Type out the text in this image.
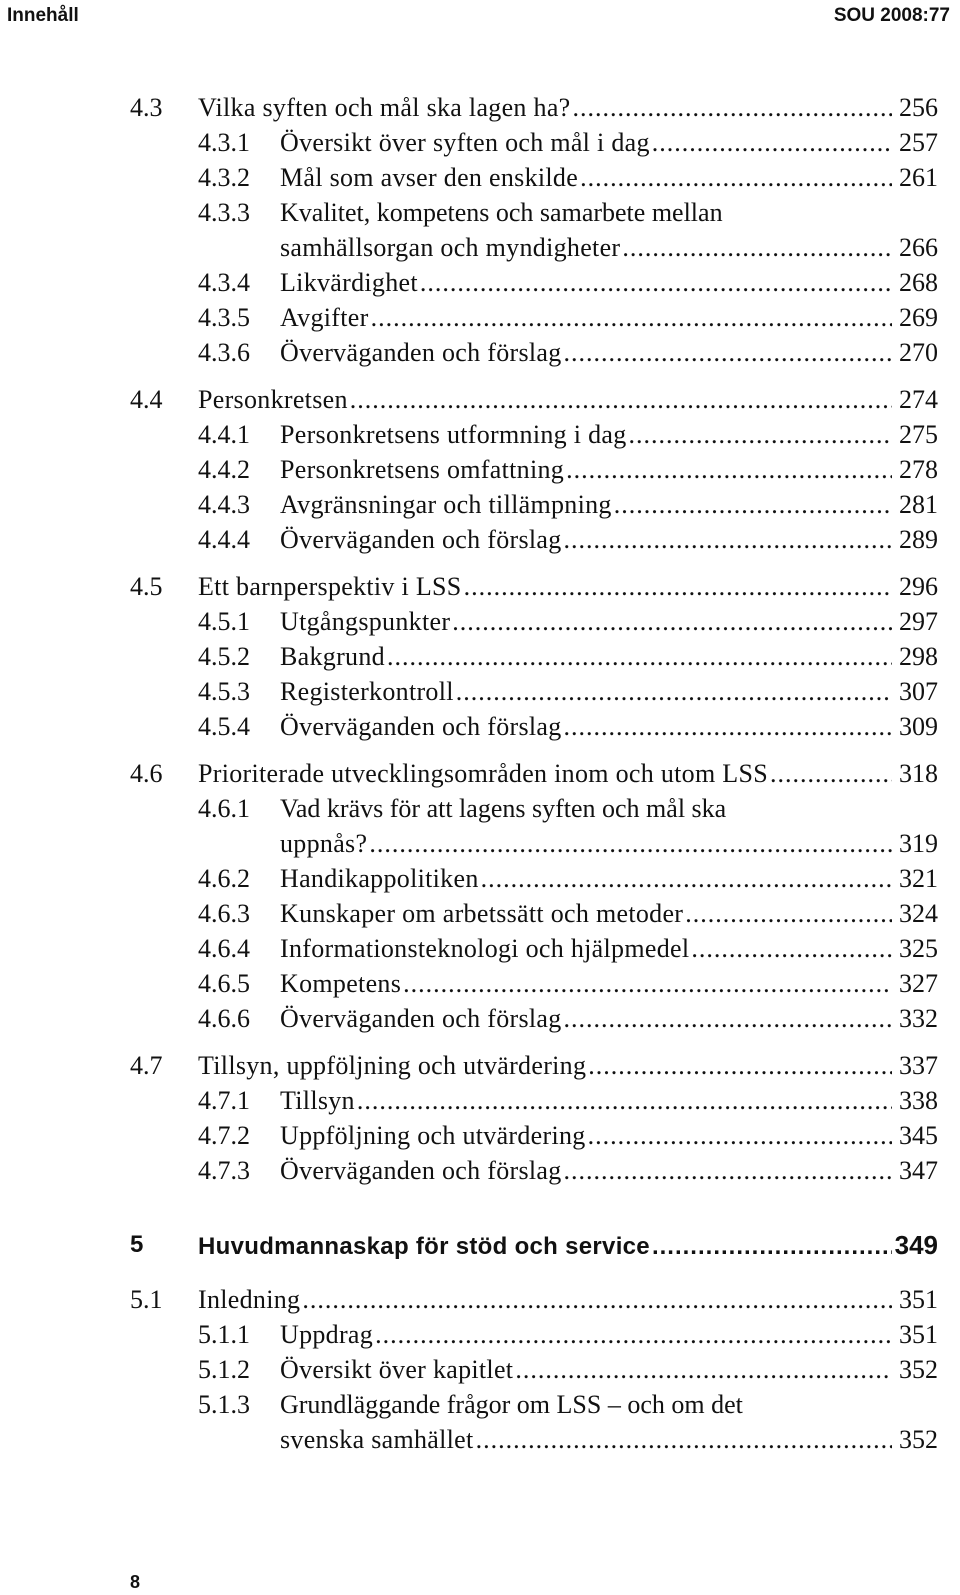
Innehåll	SOU 2008:77
4.3 Vilka syften och mål ska lagen ha? .....	256
4.3.1 Översikt över syften och mål i dag .....	257
4.3.2 Mål som avser den enskilde .....	261
4.3.3 Kvalitet, kompetens och samarbete mellan
samhällsorgan och myndigheter .....	266
4.3.4 Likvärdighet .....	268
4.3.5 Avgifter .....	269
4.3.6 Överväganden och förslag .....	270
4.4 Personkretsen .....	274
4.4.1 Personkretsens utformning i dag .....	275
4.4.2 Personkretsens omfattning .....	278
4.4.3 Avgränsningar och tillämpning .....	281
4.4.4 Överväganden och förslag .....	289
4.5 Ett barnperspektiv i LSS .....	296
4.5.1 Utgångspunkter .....	297
4.5.2 Bakgrund .....	298
4.5.3 Registerkontroll .....	307
4.5.4 Överväganden och förslag .....	309
4.6 Prioriterade utvecklingsområden inom och utom LSS .....	318
4.6.1 Vad krävs för att lagens syften och mål ska
uppnås? .....	319
4.6.2 Handikappolitiken .....	321
4.6.3 Kunskaper om arbetssätt och metoder .....	324
4.6.4 Informationsteknologi och hjälpmedel .....	325
4.6.5 Kompetens .....	327
4.6.6 Överväganden och förslag .....	332
4.7 Tillsyn, uppföljning och utvärdering .....	337
4.7.1 Tillsyn .....	338
4.7.2 Uppföljning och utvärdering .....	345
4.7.3 Överväganden och förslag .....	347
5 Huvudmannaskap för stöd och service .....	349
5.1 Inledning .....	351
5.1.1 Uppdrag .....	351
5.1.2 Översikt över kapitlet .....	352
5.1.3 Grundläggande frågor om LSS – och om det
svenska samhället .....	352
8
